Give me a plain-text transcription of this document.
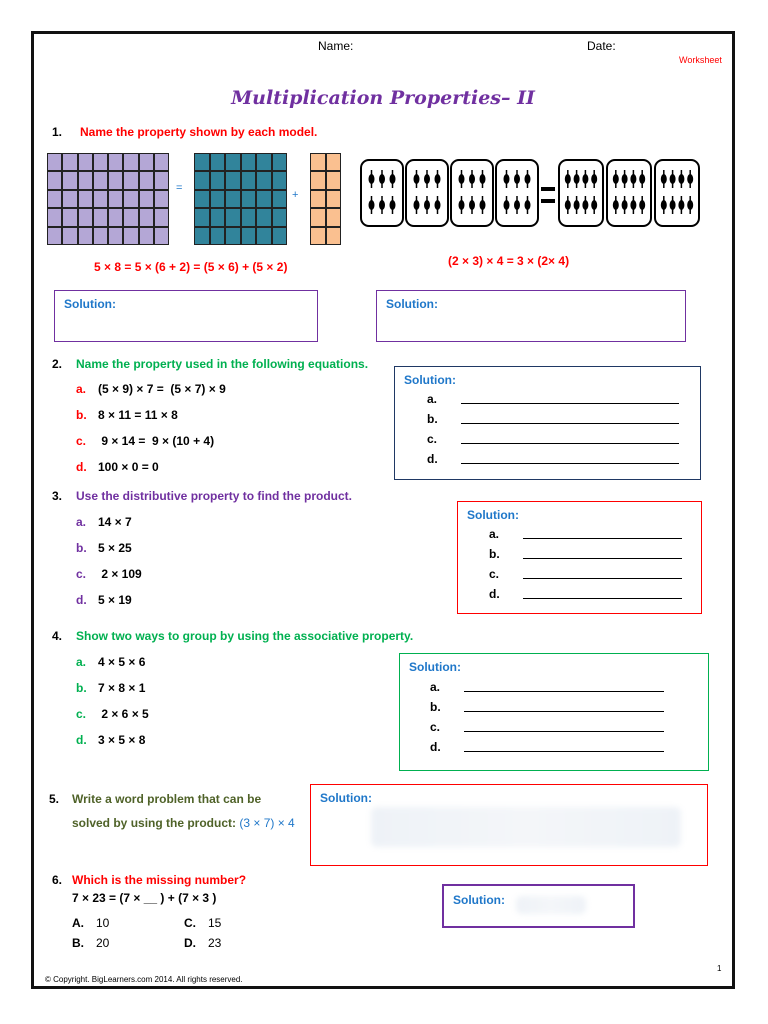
Name:	Date:
Worksheet
Multiplication Properties– II
1. Name the property shown by each model.
=
+
5 × 8 = 5 × (6 + 2) = (5 × 6) + (5 × 2)	(2 × 3) × 4 = 3 × (2× 4)
Solution:	Solution:
2. Name the property used in the following equations.
a. (5 × 9) × 7 =  (5 × 7) × 9
b. 8 × 11 = 11 × 8
c. 9 × 14 =  9 × (10 + 4)
d. 100 × 0 = 0
Solution:
a.
b.
c.
d.
3. Use the distributive property to find the product.
a. 14 × 7
b. 5 × 25
c. 2 × 109
d. 5 × 19
Solution:
a.
b.
c.
d.
4. Show two ways to group by using the associative property.
a. 4 × 5 × 6
b. 7 × 8 × 1
c. 2 × 6 × 5
d. 3 × 5 × 8
Solution:
a.
b.
c.
d.
5. Write a word problem that can be
solved by using the product: (3 × 7) × 4
Solution:
6. Which is the missing number?
7 × 23 = (7 × __ ) + (7 × 3 )
A. 10	C. 15
B. 20	D. 23
Solution:
© Copyright. BigLearners.com 2014. All rights reserved.
1
